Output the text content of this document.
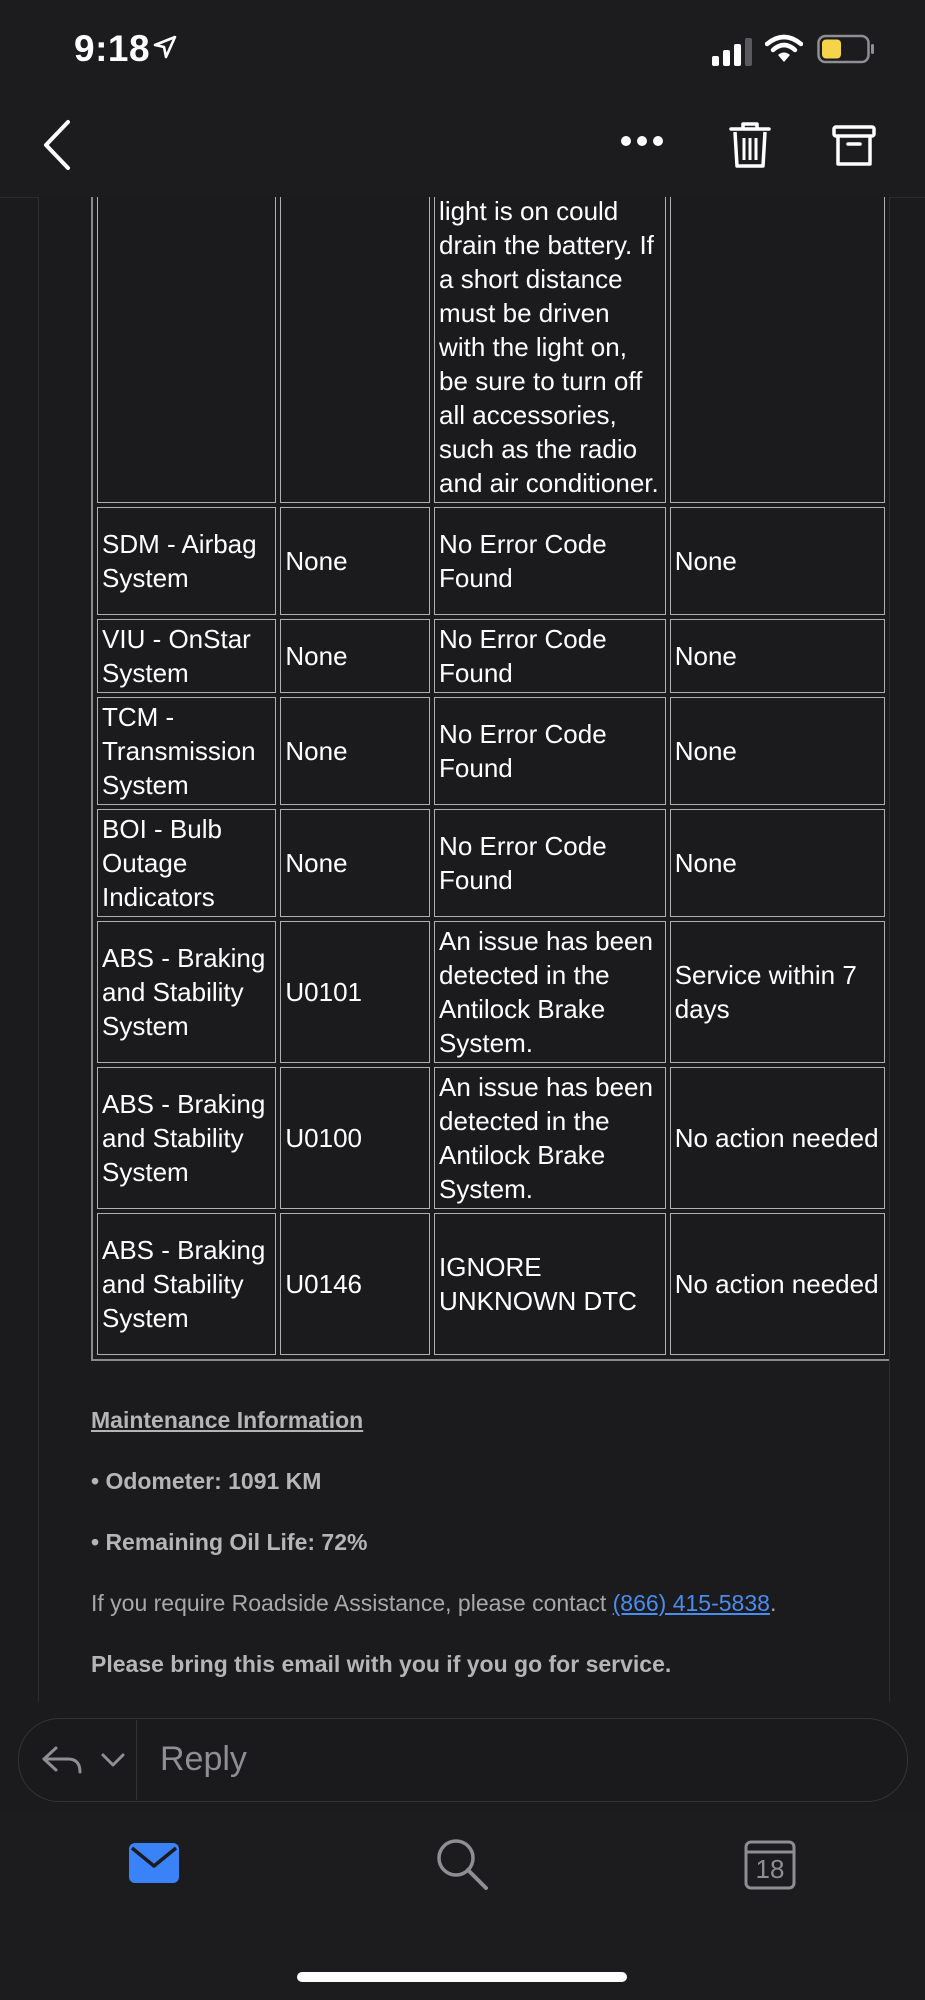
9:18
		light is on could drain the battery. If a short distance must be driven with the light on, be sure to turn off all accessories, such as the radio and air conditioner.	
SDM - Airbag System	None	No Error Code Found	None
VIU - OnStar System	None	No Error Code Found	None
TCM - Transmission System	None	No Error Code Found	None
BOI - Bulb Outage Indicators	None	No Error Code Found	None
ABS - Braking and Stability System	U0101	An issue has been detected in the Antilock Brake System.	Service within 7 days
ABS - Braking and Stability System	U0100	An issue has been detected in the Antilock Brake System.	No action needed
ABS - Braking and Stability System	U0146	IGNORE UNKNOWN DTC	No action needed

Maintenance Information

• Odometer: 1091 KM

• Remaining Oil Life: 72%

If you require Roadside Assistance, please contact (866) 415-5838.

Please bring this email with you if you go for service.

Reply
18
